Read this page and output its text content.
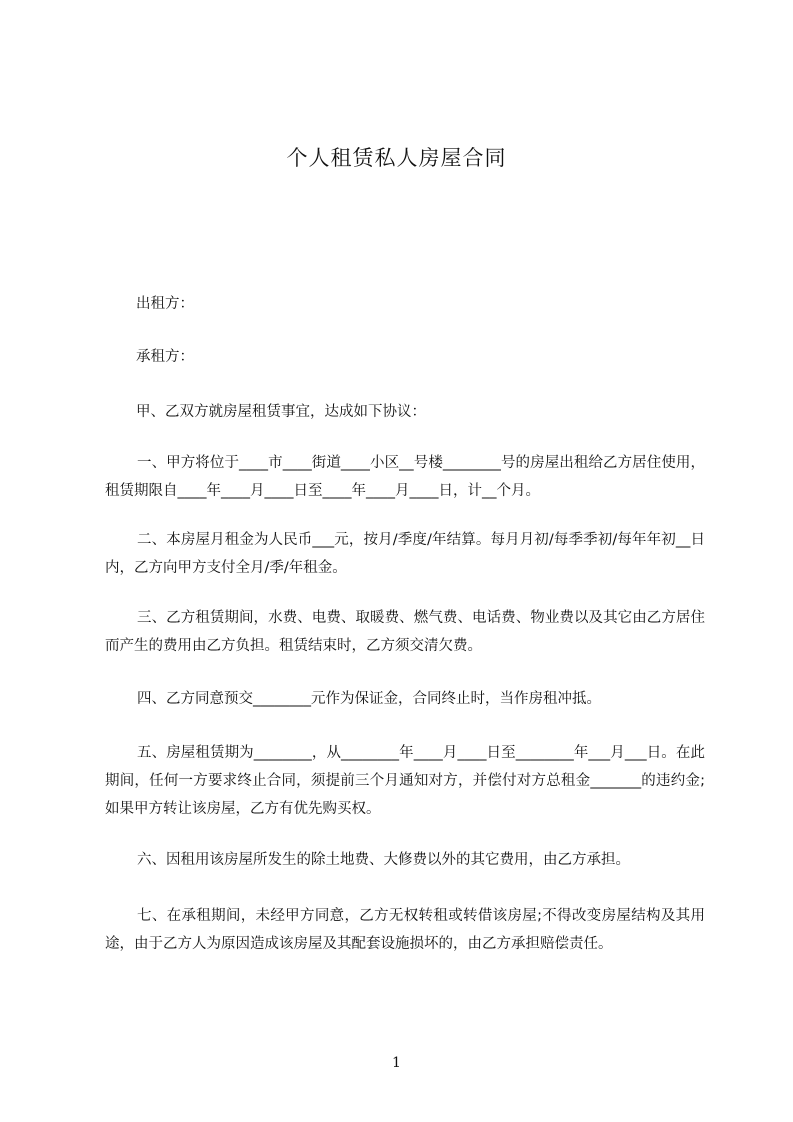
个人租赁私人房屋合同

出租方：

承租方：

甲、乙双方就房屋租赁事宜，达成如下协议：

一、甲方将位于____市____街道____小区__号楼________号的房屋出租给乙方居住使用，租赁期限自____年____月____日至____年____月____日，计__个月。

二、本房屋月租金为人民币___元，按月/季度/年结算。每月月初/每季季初/每年年初__日内，乙方向甲方支付全月/季/年租金。

三、乙方租赁期间，水费、电费、取暖费、燃气费、电话费、物业费以及其它由乙方居住而产生的费用由乙方负担。租赁结束时，乙方须交清欠费。

四、乙方同意预交________元作为保证金，合同终止时，当作房租冲抵。

五、房屋租赁期为________，从________年____月____日至________年___月___日。在此期间，任何一方要求终止合同，须提前三个月通知对方，并偿付对方总租金_______的违约金;如果甲方转让该房屋，乙方有优先购买权。

六、因租用该房屋所发生的除土地费、大修费以外的其它费用，由乙方承担。

七、在承租期间，未经甲方同意，乙方无权转租或转借该房屋;不得改变房屋结构及其用途，由于乙方人为原因造成该房屋及其配套设施损坏的，由乙方承担赔偿责任。

1
